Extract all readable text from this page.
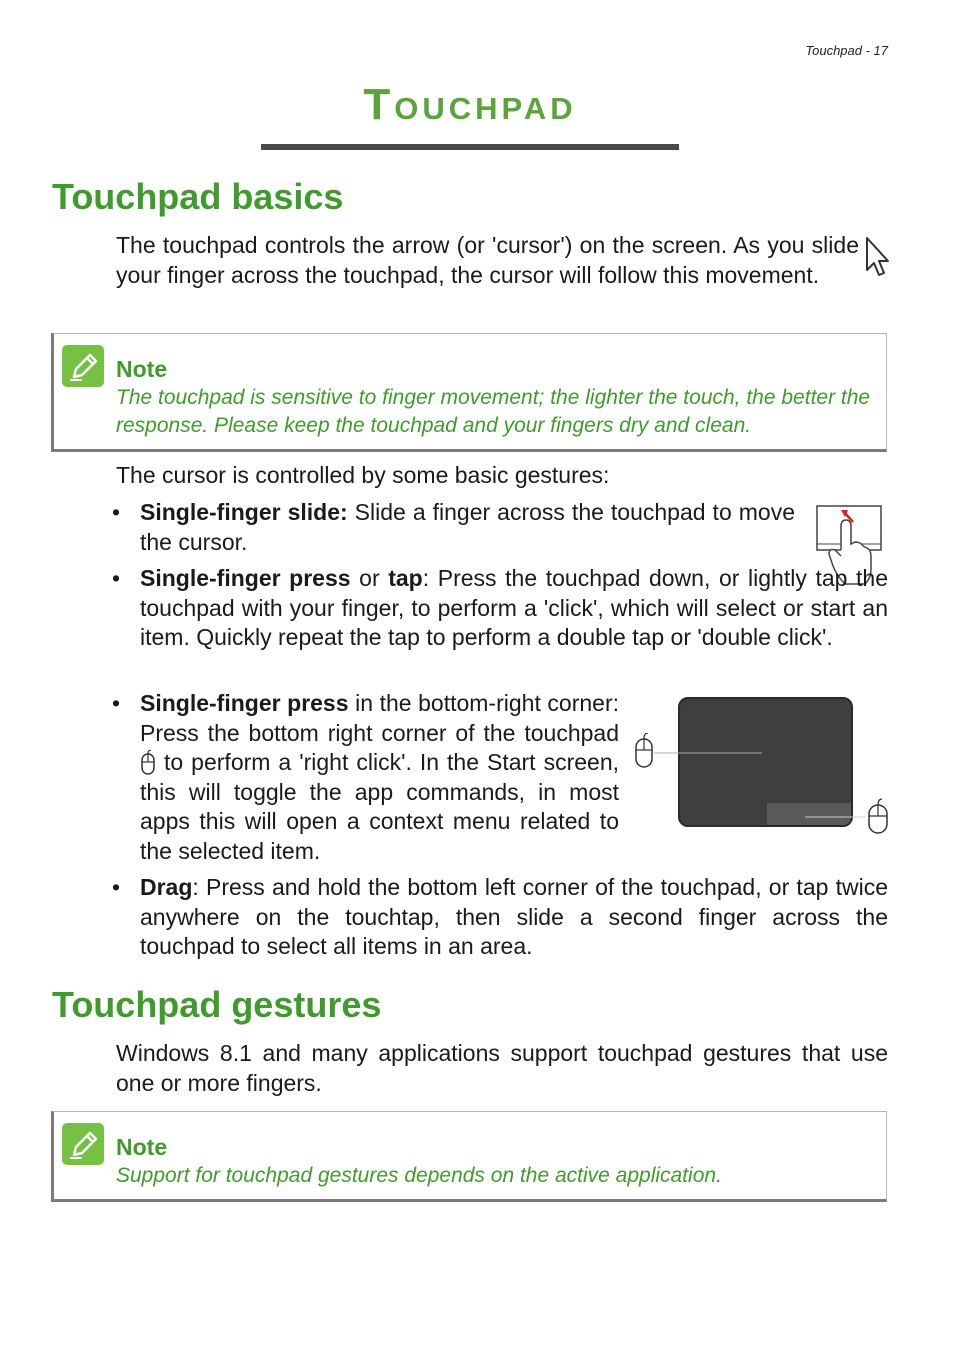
Touchpad - 17
Touchpad
Touchpad basics
The touchpad controls the arrow (or 'cursor') on the screen. As you slide your finger across the touchpad, the cursor will follow this movement.
Note
The touchpad is sensitive to finger movement; the lighter the touch, the better the response. Please keep the touchpad and your fingers dry and clean.
The cursor is controlled by some basic gestures:
• Single-finger slide: Slide a finger across the touchpad to move the cursor.
• Single-finger press or tap: Press the touchpad down, or lightly tap the touchpad with your finger, to perform a 'click', which will select or start an item. Quickly repeat the tap to perform a double tap or 'double click'.
• Single-finger press in the bottom-right corner: Press the bottom right corner of the touchpad  to perform a 'right click'. In the Start screen, this will toggle the app commands, in most apps this will open a context menu related to the selected item.
• Drag: Press and hold the bottom left corner of the touchpad, or tap twice anywhere on the touchtap, then slide a second finger across the touchpad to select all items in an area.
Touchpad gestures
Windows 8.1 and many applications support touchpad gestures that use one or more fingers.
Note
Support for touchpad gestures depends on the active application.
